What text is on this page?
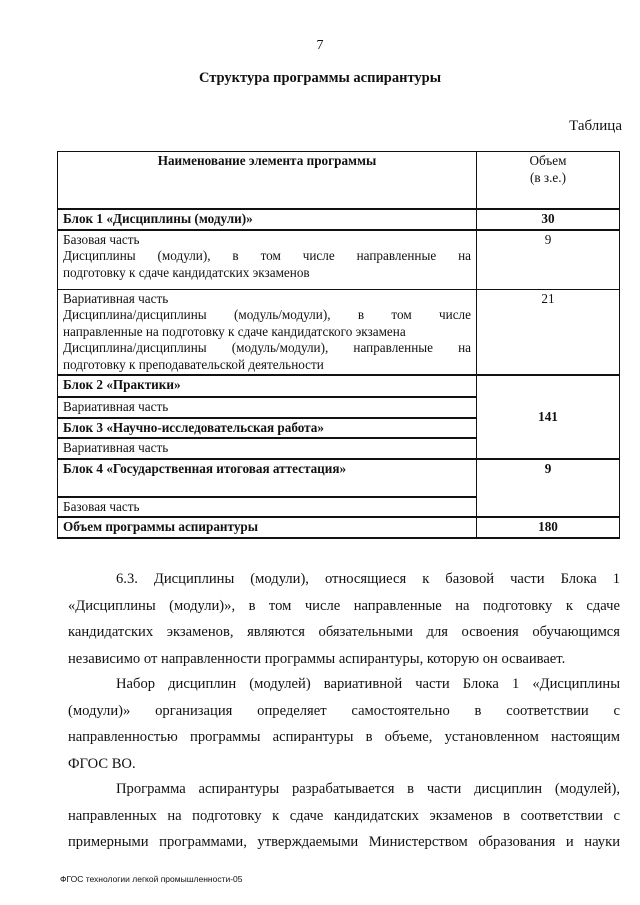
7
Структура программы аспирантуры
Таблица
Наименование элемента программы	Объем
(в з.е.)
Блок 1 «Дисциплины (модули)»	30

Базовая часть
Дисциплины (модули), в том числе направленные на
подготовку к сдаче кандидатских экзаменов	9

Вариативная часть
Дисциплина/дисциплины (модуль/модули), в том числе
направленные на подготовку к сдаче кандидатского экзамена
Дисциплина/дисциплины (модуль/модули), направленные на
подготовку к преподавательской деятельности	21
Блок 2 «Практики»	141
Вариативная часть	
Блок 3 «Научно-исследовательская работа»	
Вариативная часть	
Блок 4 «Государственная итоговая аттестация»	9
Базовая часть	
Объем программы аспирантуры	180
6.3. Дисциплины (модули), относящиеся к базовой части Блока 1
«Дисциплины (модули)», в том числе направленные на подготовку к сдаче
кандидатских экзаменов, являются обязательными для освоения обучающимся
независимо от направленности программы аспирантуры, которую он осваивает.
Набор дисциплин (модулей) вариативной части Блока 1 «Дисциплины
(модули)» организация определяет самостоятельно в соответствии с
направленностью программы аспирантуры в объеме, установленном настоящим
ФГОС ВО.
Программа аспирантуры разрабатывается в части дисциплин (модулей),
направленных на подготовку к сдаче кандидатских экзаменов в соответствии с
примерными программами, утверждаемыми Министерством образования и науки
ФГОС технологии легкой промышленности-05
